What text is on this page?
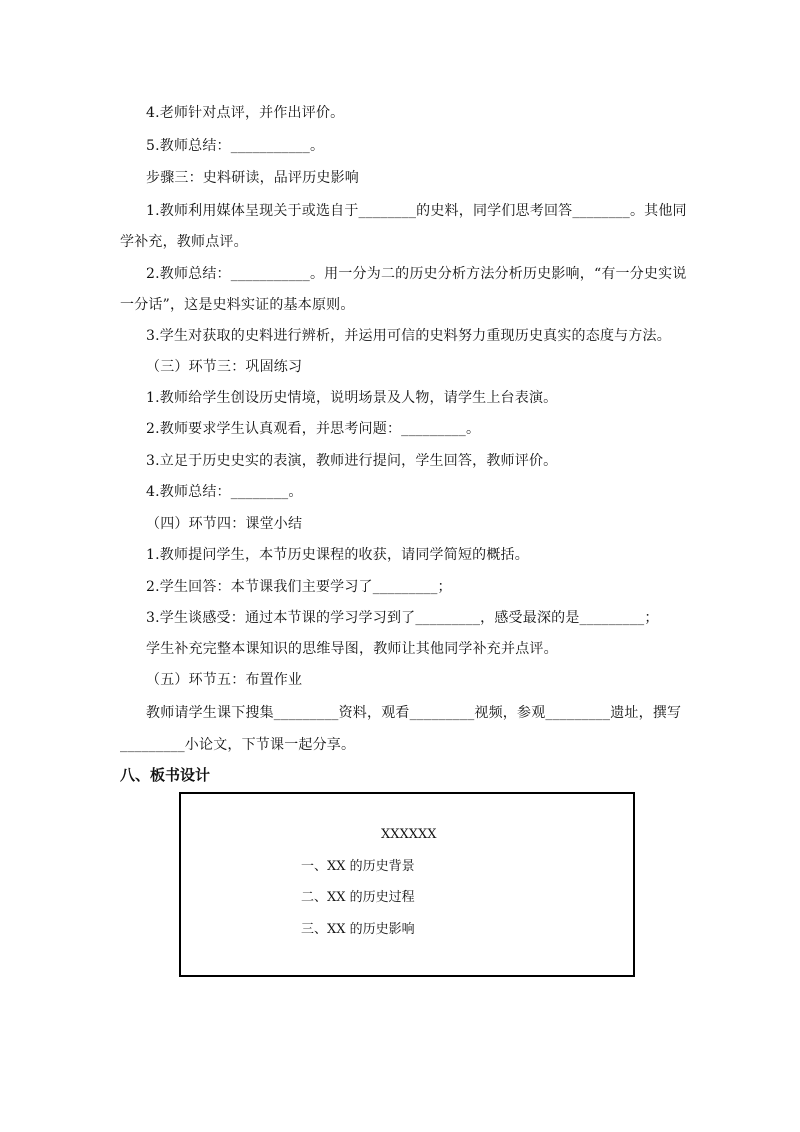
4.老师针对点评，并作出评价。
5.教师总结：___________。
步骤三：史料研读，品评历史影响
1.教师利用媒体呈现关于或选自于________的史料，同学们思考回答________。其他同
学补充，教师点评。
2.教师总结：___________。用一分为二的历史分析方法分析历史影响，“有一分史实说
一分话”，这是史料实证的基本原则。
3.学生对获取的史料进行辨析，并运用可信的史料努力重现历史真实的态度与方法。
（三）环节三：巩固练习
1.教师给学生创设历史情境，说明场景及人物，请学生上台表演。
2.教师要求学生认真观看，并思考问题：_________。
3.立足于历史史实的表演，教师进行提问，学生回答，教师评价。
4.教师总结：________。
（四）环节四：课堂小结
1.教师提问学生，本节历史课程的收获，请同学简短的概括。
2.学生回答：本节课我们主要学习了_________；
3.学生谈感受：通过本节课的学习学习到了_________，感受最深的是_________；
学生补充完整本课知识的思维导图，教师让其他同学补充并点评。
（五）环节五：布置作业
教师请学生课下搜集_________资料，观看_________视频，参观_________遗址，撰写
_________小论文，下节课一起分享。
八、板书设计
XXXXXX
一、XX 的历史背景
二、XX 的历史过程
三、XX 的历史影响
